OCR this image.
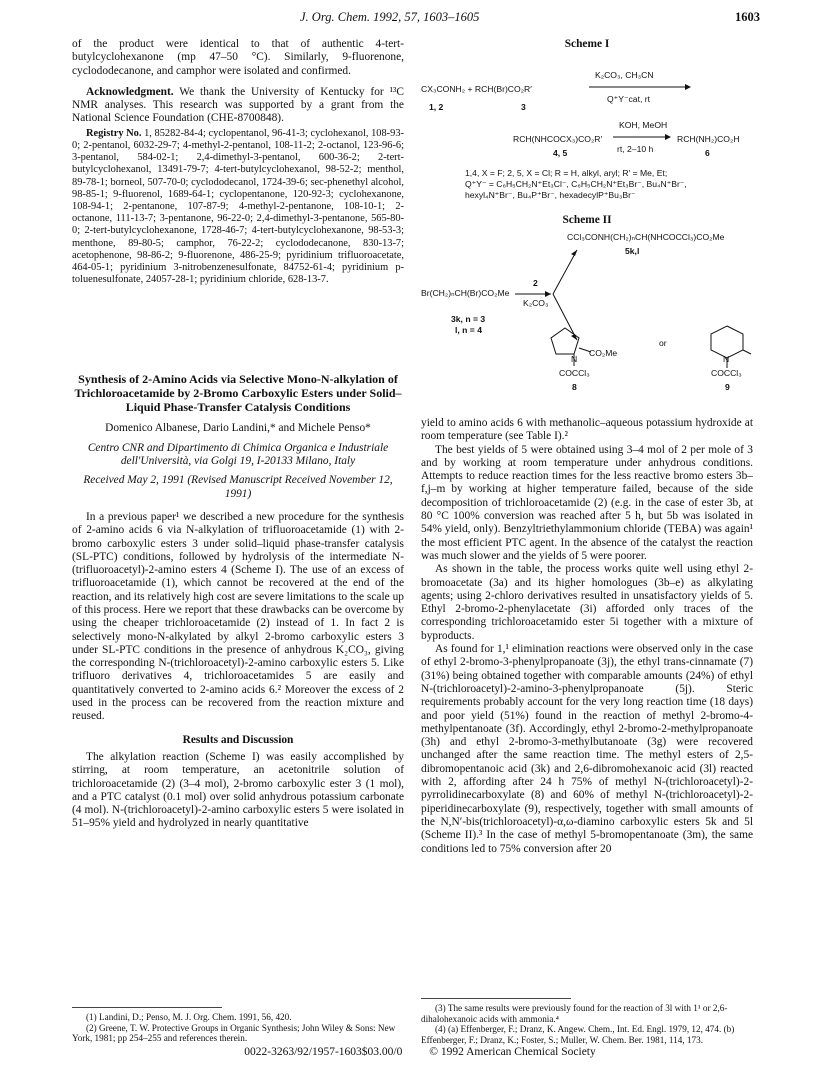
J. Org. Chem. 1992, 57, 1603–1605	1603

of the product were identical to that of authentic 4-tert-butylcyclohexanone (mp 47–50 °C). Similarly, 9-fluorenone, cyclododecanone, and camphor were isolated and confirmed.

Acknowledgment. We thank the University of Kentucky for ¹³C NMR analyses. This research was supported by a grant from the National Science Foundation (CHE-8700848).

Registry No. 1, 85282-84-4; cyclopentanol, 96-41-3; cyclohexanol, 108-93-0; 2-pentanol, 6032-29-7; 4-methyl-2-pentanol, 108-11-2; 2-octanol, 123-96-6; 3-pentanol, 584-02-1; 2,4-dimethyl-3-pentanol, 600-36-2; 2-tert-butylcyclohexanol, 13491-79-7; 4-tert-butylcyclohexanol, 98-52-2; menthol, 89-78-1; borneol, 507-70-0; cyclododecanol, 1724-39-6; sec-phenethyl alcohol, 98-85-1; 9-fluorenol, 1689-64-1; cyclopentanone, 120-92-3; cyclohexanone, 108-94-1; 2-pentanone, 107-87-9; 4-methyl-2-pentanone, 108-10-1; 2-octanone, 111-13-7; 3-pentanone, 96-22-0; 2,4-dimethyl-3-pentanone, 565-80-0; 2-tert-butylcyclohexanone, 1728-46-7; 4-tert-butylcyclohexanone, 98-53-3; menthone, 89-80-5; camphor, 76-22-2; cyclododecanone, 830-13-7; acetophenone, 98-86-2; 9-fluorenone, 486-25-9; pyridinium trifluoroacetate, 464-05-1; pyridinium 3-nitrobenzenesulfonate, 84752-61-4; pyridinium p-toluenesulfonate, 24057-28-1; pyridinium chloride, 628-13-7.

Synthesis of 2-Amino Acids via Selective Mono-N-alkylation of Trichloroacetamide by 2-Bromo Carboxylic Esters under Solid–Liquid Phase-Transfer Catalysis Conditions

Domenico Albanese, Dario Landini,* and Michele Penso*

Centro CNR and Dipartimento di Chimica Organica e Industriale dell'Università, via Golgi 19, I-20133 Milano, Italy

Received May 2, 1991 (Revised Manuscript Received November 12, 1991)

In a previous paper¹ we described a new procedure for the synthesis of 2-amino acids 6 via N-alkylation of trifluoroacetamide (1) with 2-bromo carboxylic esters 3 under solid–liquid phase-transfer catalysis (SL-PTC) conditions, followed by hydrolysis of the intermediate N-(trifluoroacetyl)-2-amino esters 4 (Scheme I). The use of an excess of trifluoroacetamide (1), which cannot be recovered at the end of the reaction, and its relatively high cost are severe limitations to the scale up of this process. Here we report that these drawbacks can be overcome by using the cheaper trichloroacetamide (2) instead of 1. In fact 2 is selectively mono-N-alkylated by alkyl 2-bromo carboxylic esters 3 under SL-PTC conditions in the presence of anhydrous K₂CO₃, giving the corresponding N-(trichloroacetyl)-2-amino carboxylic esters 5. Like trifluoro derivatives 4, trichloroacetamides 5 are easily and quantitatively converted to 2-amino acids 6.² Moreover the excess of 2 used in the process can be recovered from the reaction mixture and reused.

Results and Discussion

The alkylation reaction (Scheme I) was easily accomplished by stirring, at room temperature, an acetonitrile solution of trichloroacetamide (2) (3–4 mol), 2-bromo carboxylic ester 3 (1 mol), and a PTC catalyst (0.1 mol) over solid anhydrous potassium carbonate (4 mol). N-(trichloroacetyl)-2-amino carboxylic esters 5 were isolated in 51–95% yield and hydrolyzed in nearly quantitative

(1) Landini, D.; Penso, M. J. Org. Chem. 1991, 56, 420.

(2) Greene, T. W. Protective Groups in Organic Synthesis; John Wiley & Sons: New York, 1981; pp 254–255 and references therein.

Scheme I
CX₃CONH₂ + RCH(Br)CO₂R′
K₂CO₃, CH₃CN
Q⁺Y⁻cat, rt
1, 2	3
RCH(NHCOCX₃)CO₂R′
KOH, MeOH
rt, 2–10 h
RCH(NH₂)CO₂H
4, 5	6
1,4, X = F; 2, 5, X = Cl; R = H, alkyl, aryl; R′ = Me, Et;
Q⁺Y⁻ = C₆H₅CH₂N⁺Et₃Cl⁻, C₆H₅CH₂N⁺Et₃Br⁻, Bu₄N⁺Br⁻,
hexyl₄N⁺Br⁻, Bu₄P⁺Br⁻, hexadecylP⁺Bu₃Br⁻
Scheme II
CCl₃CONH(CH₂)ₙCH(NHCOCCl₃)CO₂Me
5k,l
Br(CH₂)ₙCH(Br)CO₂Me
2
K₂CO₃
3k, n = 3
l, n = 4
or
N
CO₂Me
COCCl₃
8
N
COCCl₃
9

yield to amino acids 6 with methanolic–aqueous potassium hydroxide at room temperature (see Table I).²

The best yields of 5 were obtained using 3–4 mol of 2 per mole of 3 and by working at room temperature under anhydrous conditions. Attempts to reduce reaction times for the less reactive bromo esters 3b–f,j–m by working at higher temperature failed, because of the side decomposition of trichloroacetamide (2) (e.g. in the case of ester 3b, at 80 °C 100% conversion was reached after 5 h, but 5b was isolated in 54% yield, only). Benzyltriethylammonium chloride (TEBA) was again¹ the most efficient PTC agent. In the absence of the catalyst the reaction was much slower and the yields of 5 were poorer.

As shown in the table, the process works quite well using ethyl 2-bromoacetate (3a) and its higher homologues (3b–e) as alkylating agents; using 2-chloro derivatives resulted in unsatisfactory yields of 5. Ethyl 2-bromo-2-phenylacetate (3i) afforded only traces of the corresponding trichloroacetamido ester 5i together with a mixture of byproducts.

As found for 1,¹ elimination reactions were observed only in the case of ethyl 2-bromo-3-phenylpropanoate (3j), the ethyl trans-cinnamate (7) (31%) being obtained together with comparable amounts (24%) of ethyl N-(trichloroacetyl)-2-amino-3-phenylpropanoate (5j). Steric requirements probably account for the very long reaction time (18 days) and poor yield (51%) found in the reaction of methyl 2-bromo-4-methylpentanoate (3f). Accordingly, ethyl 2-bromo-2-methylpropanoate (3h) and ethyl 2-bromo-3-methylbutanoate (3g) were recovered unchanged after the same reaction time. The methyl esters of 2,5-dibromopentanoic acid (3k) and 2,6-dibromohexanoic acid (3l) reacted with 2, affording after 24 h 75% of methyl N-(trichloroacetyl)-2-pyrrolidinecarboxylate (8) and 60% of methyl N-(trichloroacetyl)-2-piperidinecarboxylate (9), respectively, together with small amounts of the N,N′-bis(trichloroacetyl)-α,ω-diamino carboxylic esters 5k and 5l (Scheme II).³ In the case of methyl 5-bromopentanoate (3m), the same conditions led to 75% conversion after 20

(3) The same results were previously found for the reaction of 3l with 1¹ or 2,6-dihalohexanoic acids with ammonia.⁴

(4) (a) Effenberger, F.; Dranz, K. Angew. Chem., Int. Ed. Engl. 1979, 12, 474. (b) Effenberger, F.; Dranz, K.; Foster, S.; Muller, W. Chem. Ber. 1981, 114, 173.

0022-3263/92/1957-1603$03.00/0 © 1992 American Chemical Society
